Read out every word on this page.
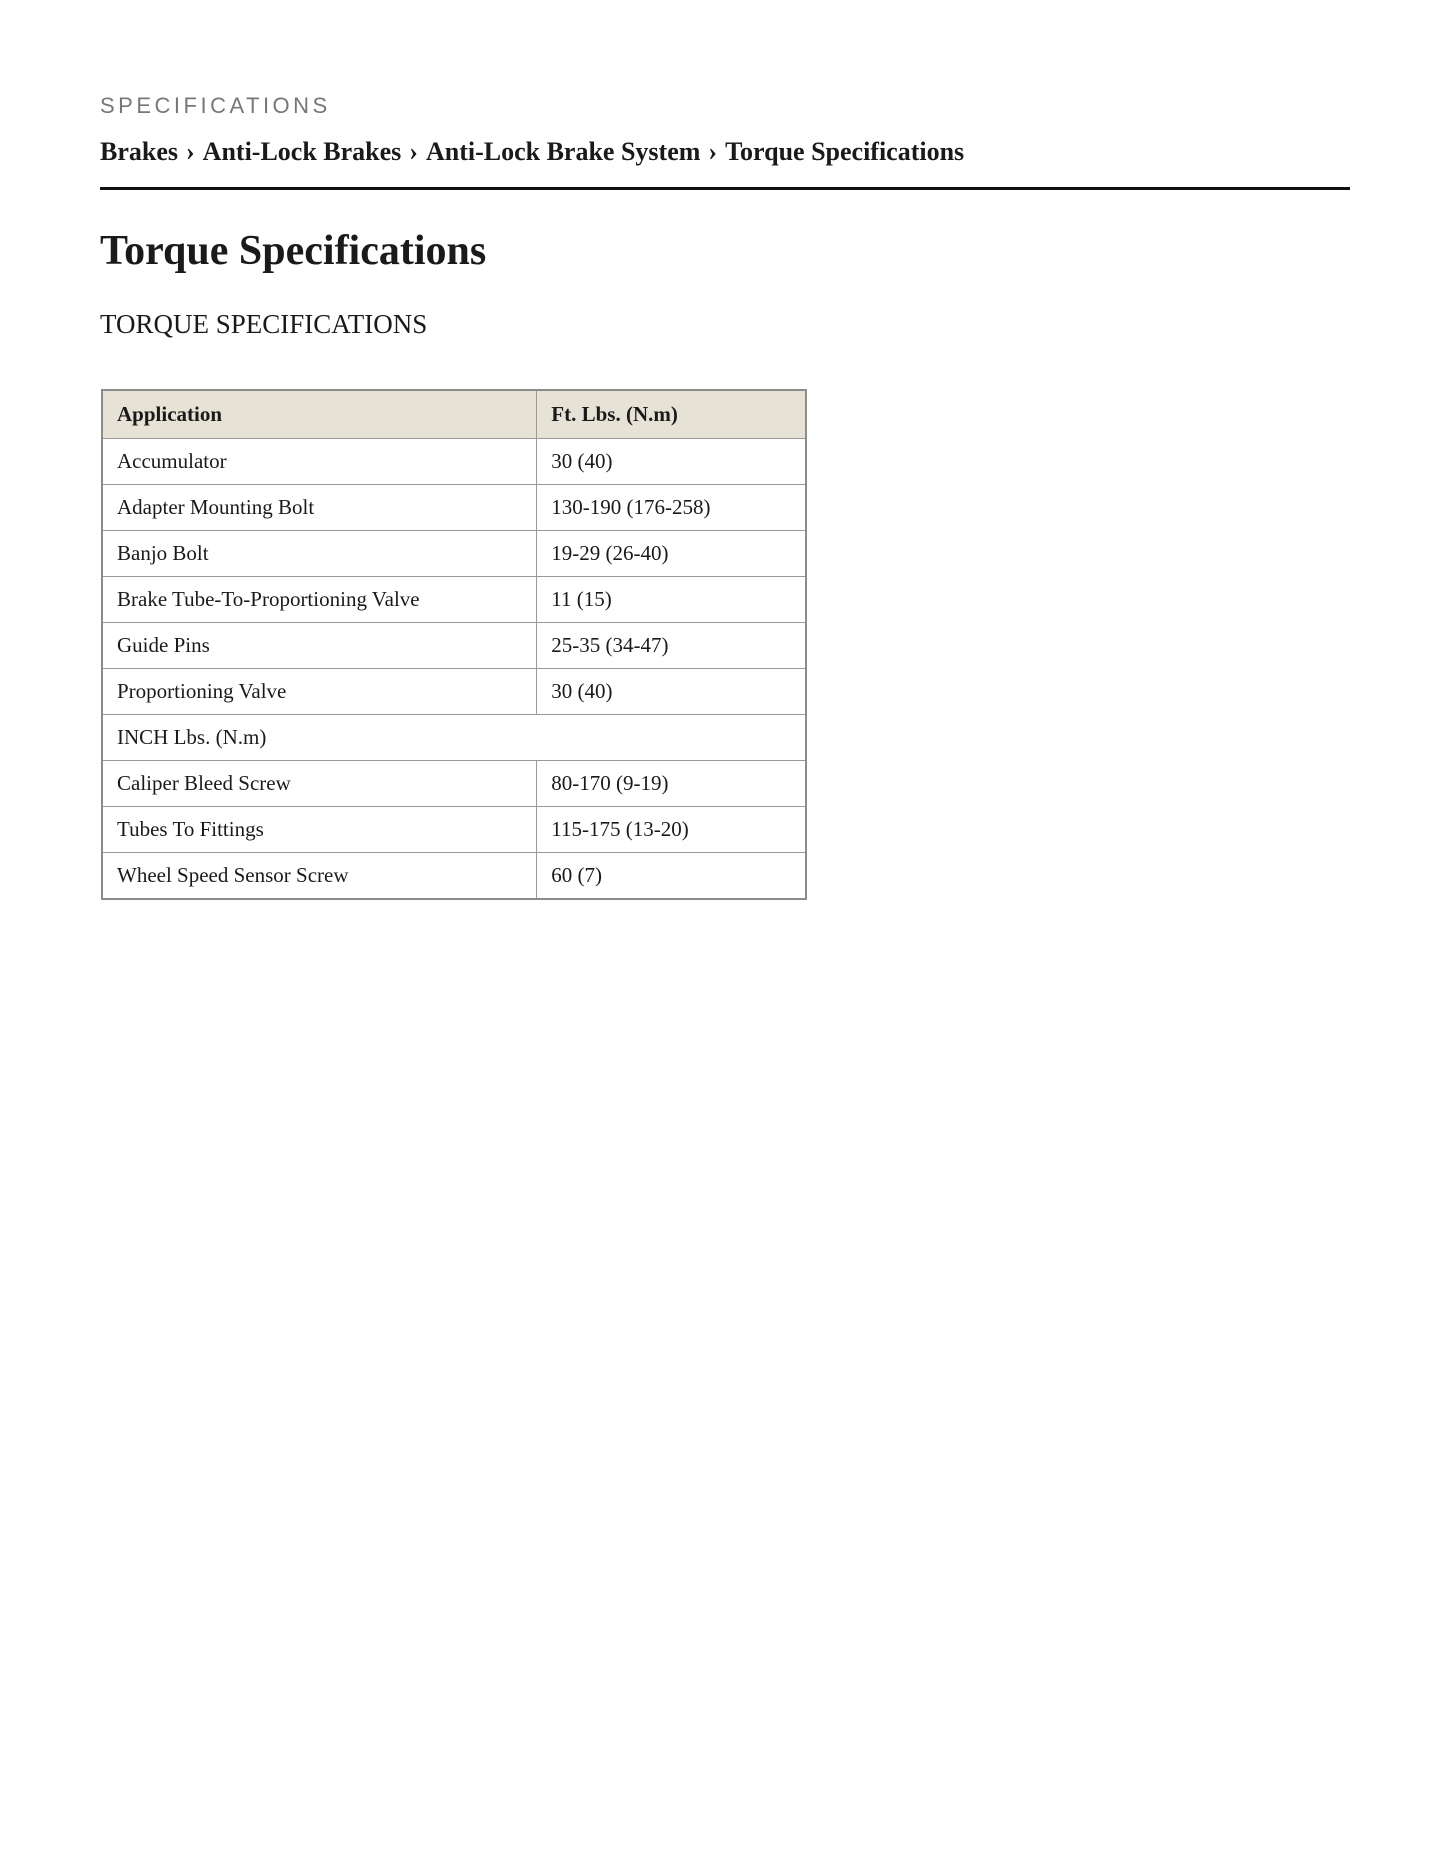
SPECIFICATIONS
Brakes › Anti-Lock Brakes › Anti-Lock Brake System › Torque Specifications
Torque Specifications
TORQUE SPECIFICATIONS
Application	Ft. Lbs. (N.m)
Accumulator	30 (40)
Adapter Mounting Bolt	130-190 (176-258)
Banjo Bolt	19-29 (26-40)
Brake Tube-To-Proportioning Valve	11 (15)
Guide Pins	25-35 (34-47)
Proportioning Valve	30 (40)
INCH Lbs. (N.m)	
Caliper Bleed Screw	80-170 (9-19)
Tubes To Fittings	115-175 (13-20)
Wheel Speed Sensor Screw	60 (7)
